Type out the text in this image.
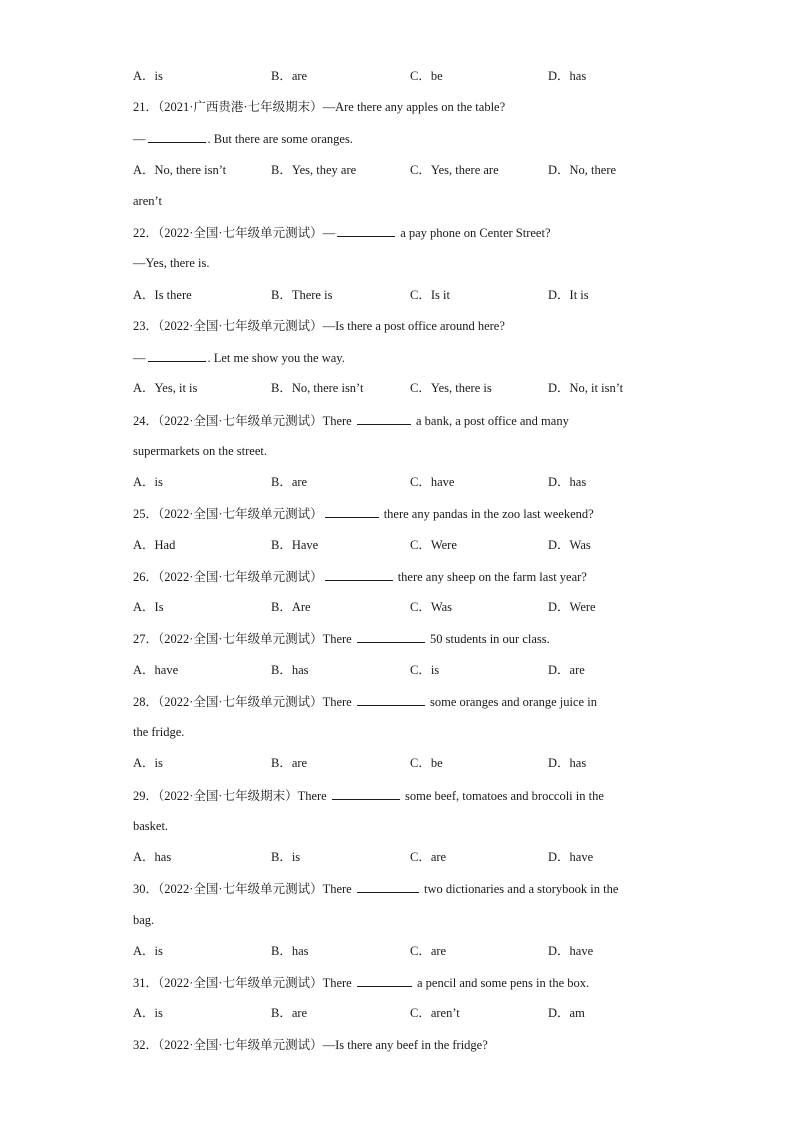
A．is	B．are	C．be	D．has
21．（2021·广西贵港·七年级期末）—Are there any apples on the table?
—	. But there are some oranges.
A．No, there isn’t	B．Yes, they are	C．Yes, there are	D．No, there
aren’t
22．（2022·全国·七年级单元测试）—	a pay phone on Center Street?
—Yes, there is.
A．Is there	B．There is	C．Is it	D．It is
23．（2022·全国·七年级单元测试）—Is there a post office around here?
—	. Let me show you the way.
A．Yes, it is	B．No, there isn’t	C．Yes, there is	D．No, it isn’t
24．（2022·全国·七年级单元测试）There	a bank, a post office and many
supermarkets on the street.
A．is	B．are	C．have	D．has
25．（2022·全国·七年级单元测试）	there any pandas in the zoo last weekend?
A．Had	B．Have	C．Were	D．Was
26．（2022·全国·七年级单元测试）	there any sheep on the farm last year?
A．Is	B．Are	C．Was	D．Were
27．（2022·全国·七年级单元测试）There	50 students in our class.
A．have	B．has	C．is	D．are
28．（2022·全国·七年级单元测试）There	some oranges and orange juice in
the fridge.
A．is	B．are	C．be	D．has
29．（2022·全国·七年级期末）There	some beef, tomatoes and broccoli in the
basket.
A．has	B．is	C．are	D．have
30．（2022·全国·七年级单元测试）There	two dictionaries and a storybook in the
bag.
A．is	B．has	C．are	D．have
31．（2022·全国·七年级单元测试）There	a pencil and some pens in the box.
A．is	B．are	C．aren’t	D．am
32．（2022·全国·七年级单元测试）—Is there any beef in the fridge?
